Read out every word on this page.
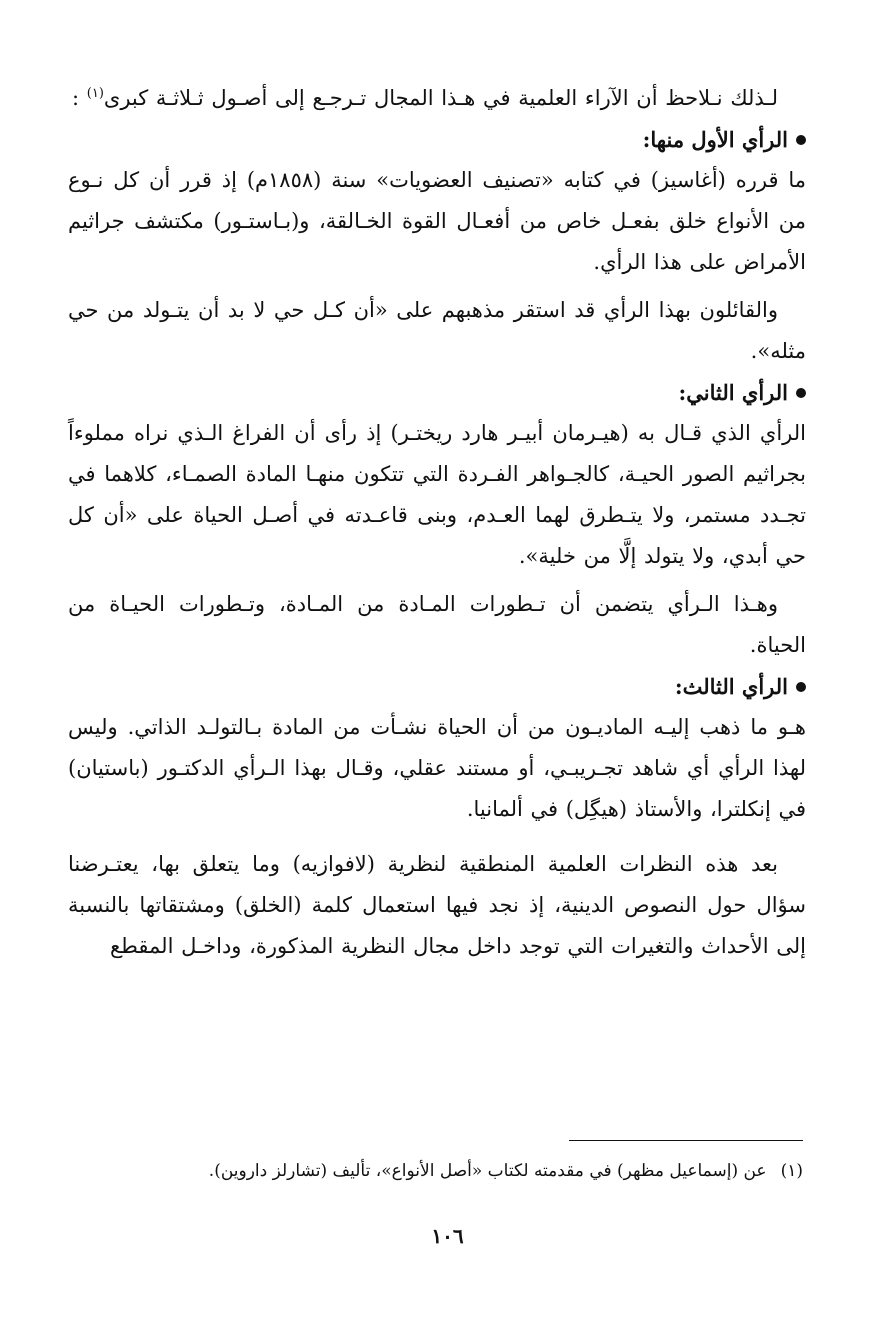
لـذلك نـلاحظ أن الآراء العلمية في هـذا المجال تـرجـع إلى أصـول ثـلاثـة كبرى$^{(١)}$ :

الرأي الأول منها:

ما قرره (أغاسيز) في كتابه «تصنيف العضويات» سنة (١٨٥٨م) إذ قرر أن كل نـوع من الأنواع خلق بفعـل خاص من أفعـال القوة الخـالقة، و(بـاستـور) مكتشف جراثيم الأمراض على هذا الرأي.

والقائلون بهذا الرأي قد استقر مذهبهم على «أن كـل حي لا بد أن يتـولد من حي مثله».

الرأي الثاني:

الرأي الذي قـال به (هيـرمان أبيـر هارد ريختـر) إذ رأى أن الفراغ الـذي نراه مملوءاً بجراثيم الصور الحيـة، كالجـواهر الفـردة التي تتكون منهـا المادة الصمـاء، كلاهما في تجـدد مستمر، ولا يتـطرق لهما العـدم، وبنى قاعـدته في أصـل الحياة على «أن كل حي أبدي، ولا يتولد إلَّا من خلية».

وهـذا الـرأي يتضمن أن تـطورات المـادة من المـادة، وتـطورات الحيـاة من الحياة.

الرأي الثالث:

هـو ما ذهب إليـه الماديـون من أن الحياة نشـأت من المادة بـالتولـد الذاتي. وليس لهذا الرأي أي شاهد تجـريبـي، أو مستند عقلي، وقـال بهذا الـرأي الدكتـور (باستيان) في إنكلترا، والأستاذ (هيگِل) في ألمانيا.

بعد هذه النظرات العلمية المنطقية لنظرية (لافوازيه) وما يتعلق بها، يعتـرضنا سؤال حول النصوص الدينية، إذ نجد فيها استعمال كلمة (الخلق) ومشتقاتها بالنسبة إلى الأحداث والتغيرات التي توجد داخل مجال النظرية المذكورة، وداخـل المقطع

(١)عن (إسماعيل مظهر) في مقدمته لكتاب «أصل الأنواع»، تأليف (تشارلز داروين).
١٠٦
